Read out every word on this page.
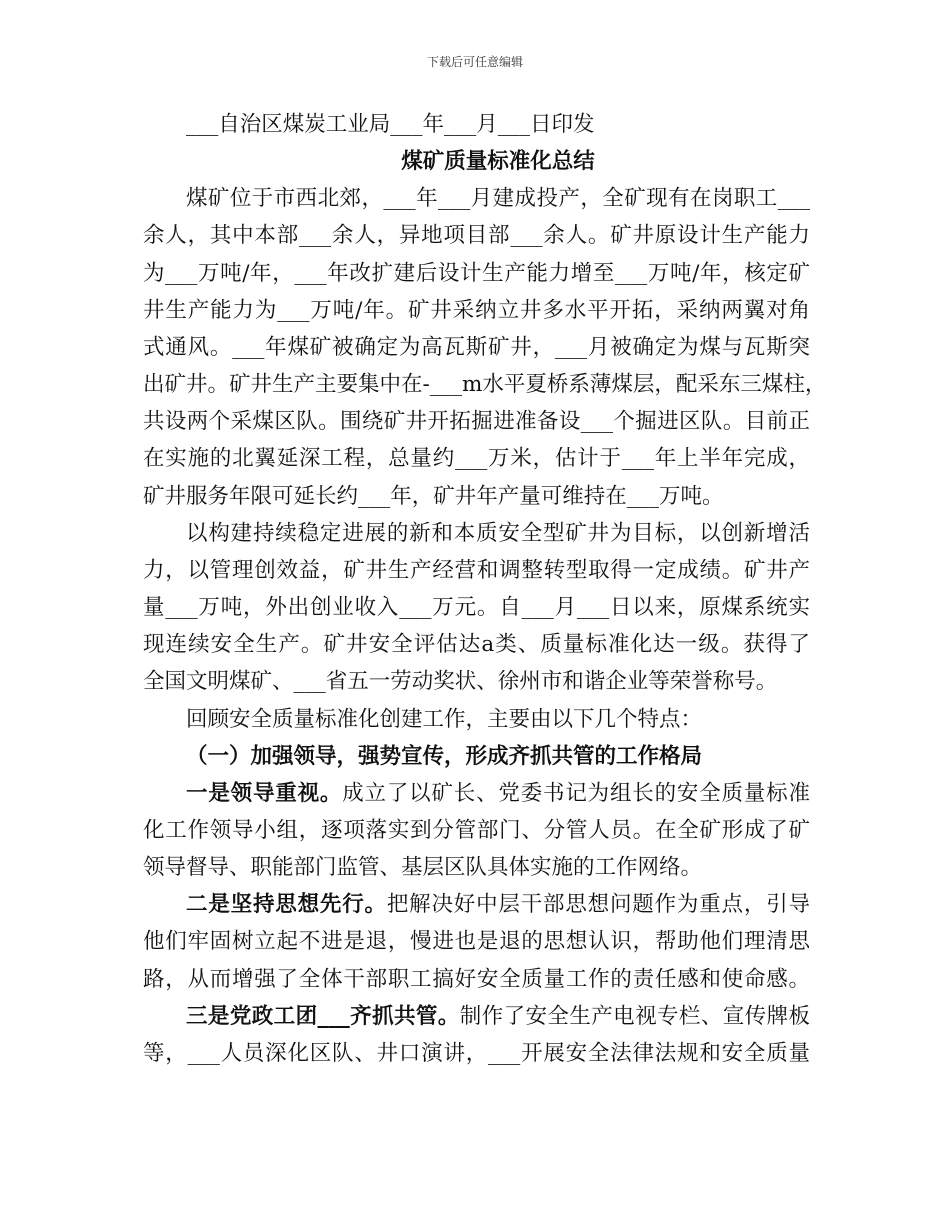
下载后可任意编辑
___自治区煤炭工业局___年___月___日印发
煤矿质量标准化总结
煤矿位于市西北郊，___年___月建成投产，全矿现有在岗职工___
余人，其中本部___余人，异地项目部___余人。矿井原设计生产能力
为___万吨/年，___年改扩建后设计生产能力增至___万吨/年，核定矿
井生产能力为___万吨/年。矿井采纳立井多水平开拓，采纳两翼对角
式通风。___年煤矿被确定为高瓦斯矿井，___月被确定为煤与瓦斯突
出矿井。矿井生产主要集中在-___m水平夏桥系薄煤层，配采东三煤柱，
共设两个采煤区队。围绕矿井开拓掘进准备设___个掘进区队。目前正
在实施的北翼延深工程，总量约___万米，估计于___年上半年完成，
矿井服务年限可延长约___年，矿井年产量可维持在___万吨。
以构建持续稳定进展的新和本质安全型矿井为目标，以创新增活
力，以管理创效益，矿井生产经营和调整转型取得一定成绩。矿井产
量___万吨，外出创业收入___万元。自___月___日以来，原煤系统实
现连续安全生产。矿井安全评估达a类、质量标准化达一级。获得了
全国文明煤矿、___省五一劳动奖状、徐州市和谐企业等荣誉称号。
回顾安全质量标准化创建工作，主要由以下几个特点：
（一）加强领导，强势宣传，形成齐抓共管的工作格局
一是领导重视。成立了以矿长、党委书记为组长的安全质量标准
化工作领导小组，逐项落实到分管部门、分管人员。在全矿形成了矿
领导督导、职能部门监管、基层区队具体实施的工作网络。
二是坚持思想先行。把解决好中层干部思想问题作为重点，引导
他们牢固树立起不进是退，慢进也是退的思想认识，帮助他们理清思
路，从而增强了全体干部职工搞好安全质量工作的责任感和使命感。
三是党政工团___齐抓共管。制作了安全生产电视专栏、宣传牌板
等，___人员深化区队、井口演讲，___开展安全法律法规和安全质量
